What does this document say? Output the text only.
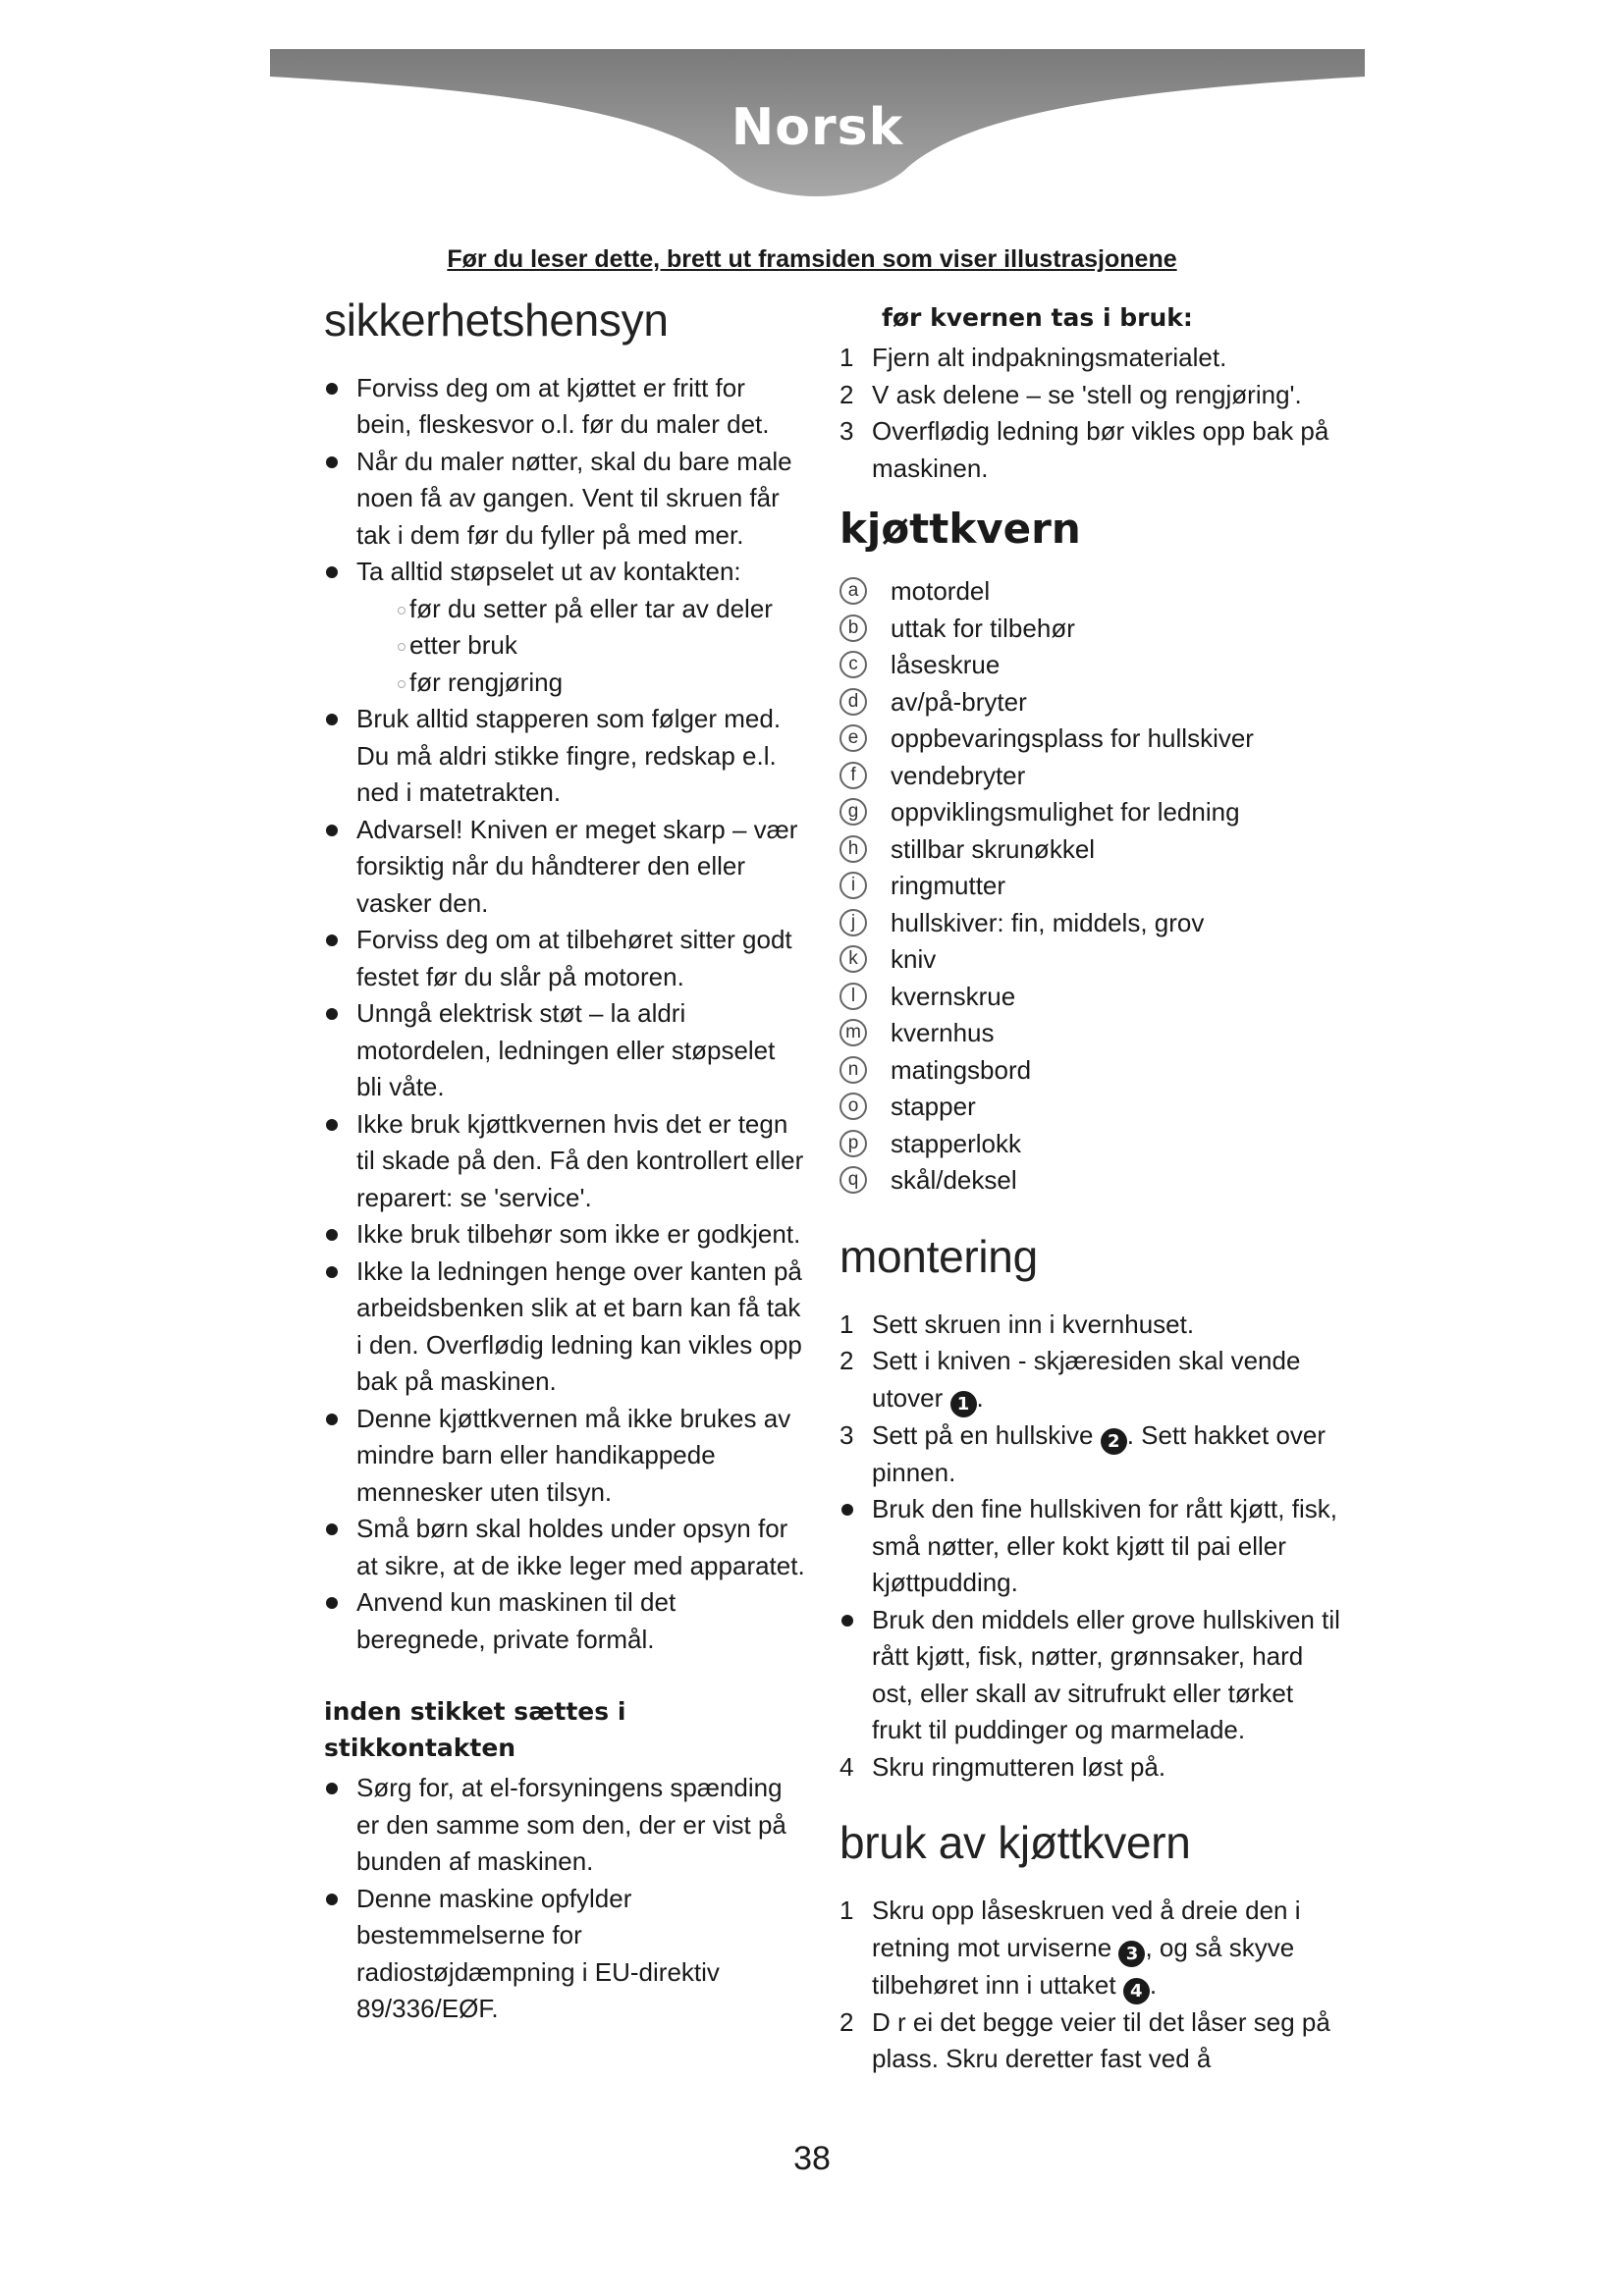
Norsk
Før du leser dette, brett ut framsiden som viser illustrasjonene
sikkerhetshensyn
Forviss deg om at kjøttet er fritt for bein, fleskesvor o.l. før du maler det.
Når du maler nøtter, skal du bare male noen få av gangen. Vent til skruen får tak i dem før du fyller på med mer.
Ta alltid støpselet ut av kontakten:
før du setter på eller tar av deler
etter bruk
før rengjøring
Bruk alltid stapperen som følger med. Du må aldri stikke fingre, redskap e.l. ned i matetrakten.
Advarsel! Kniven er meget skarp – vær forsiktig når du håndterer den eller vasker den.
Forviss deg om at tilbehøret sitter godt festet før du slår på motoren.
Unngå elektrisk støt – la aldri motordelen, ledningen eller støpselet bli våte.
Ikke bruk kjøttkvernen hvis det er tegn til skade på den. Få den kontrollert eller reparert: se 'service'.
Ikke bruk tilbehør som ikke er godkjent.
Ikke la ledningen henge over kanten på arbeidsbenken slik at et barn kan få tak i den. Overflødig ledning kan vikles opp bak på maskinen.
Denne kjøttkvernen må ikke brukes av mindre barn eller handikappede mennesker uten tilsyn.
Små børn skal holdes under opsyn for at sikre, at de ikke leger med apparatet.
Anvend kun maskinen til det beregnede, private formål.
inden stikket sættes i stikkontakten
Sørg for, at el-forsyningens spænding er den samme som den, der er vist på bunden af maskinen.
Denne maskine opfylder bestemmelserne for radiostøjdæmpning i EU-direktiv 89/336/EØF.
før kvernen tas i bruk:
1 Fjern alt indpakningsmaterialet.
2 V ask delene – se 'stell og rengjøring'.
3 Overflødig ledning bør vikles opp bak på maskinen.
kjøttkvern
a	motordel
b	uttak for tilbehør
c	låseskrue
d	av/på-bryter
e	oppbevaringsplass for hullskiver
f	vendebryter
g	oppviklingsmulighet for ledning
h	stillbar skrunøkkel
i	ringmutter
j	hullskiver: fin, middels, grov
k	kniv
l	kvernskrue
m kvernhus
n	matingsbord
o	stapper
p	stapperlokk
q	skål/deksel
montering
1 Sett skruen inn i kvernhuset.
2 Sett i kniven - skjæresiden skal vende utover 1 .
3 Sett på en hullskive 2 . Sett hakket over pinnen.
Bruk den fine hullskiven for rått kjøtt, fisk, små nøtter, eller kokt kjøtt til pai eller kjøttpudding.
Bruk den middels eller grove hullskiven til rått kjøtt, fisk, nøtter, grønnsaker, hard ost, eller skall av sitrufrukt eller tørket frukt til puddinger og marmelade.
4 Skru ringmutteren løst på.
bruk av kjøttkvern
1 Skru opp låseskruen ved å dreie den i retning mot urviserne 3 , og så skyve tilbehøret inn i uttaket 4 .
2 D r ei det begge veier til det låser seg på plass. Skru deretter fast ved å
38
